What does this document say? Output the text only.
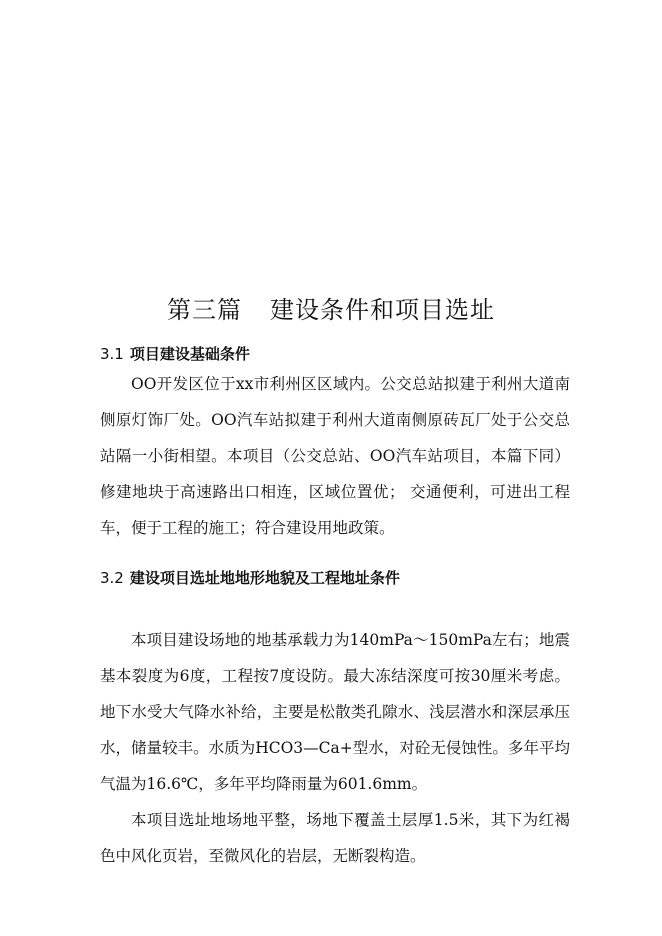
第三篇 建设条件和项目选址
3.1 项目建设基础条件

OO开发区位于xx市利州区区域内。公交总站拟建于利州大道南侧原灯饰厂处。OO汽车站拟建于利州大道南侧原砖瓦厂处于公交总站隔一小街相望。本项目（公交总站、OO汽车站项目，本篇下同）修建地块于高速路出口相连，区域位置优； 交通便利，可进出工程车，便于工程的施工；符合建设用地政策。

3.2 建设项目选址地地形地貌及工程地址条件

本项目建设场地的地基承载力为140mPa～150mPa左右；地震基本裂度为6度，工程按7度设防。最大冻结深度可按30厘米考虑。地下水受大气降水补给，主要是松散类孔隙水、浅层潜水和深层承压水，储量较丰。水质为HCO3—Ca+型水，对砼无侵蚀性。多年平均气温为16.6℃，多年平均降雨量为601.6mm。

本项目选址地场地平整，场地下覆盖土层厚1.5米，其下为红褐色中风化页岩，至微风化的岩层，无断裂构造。
